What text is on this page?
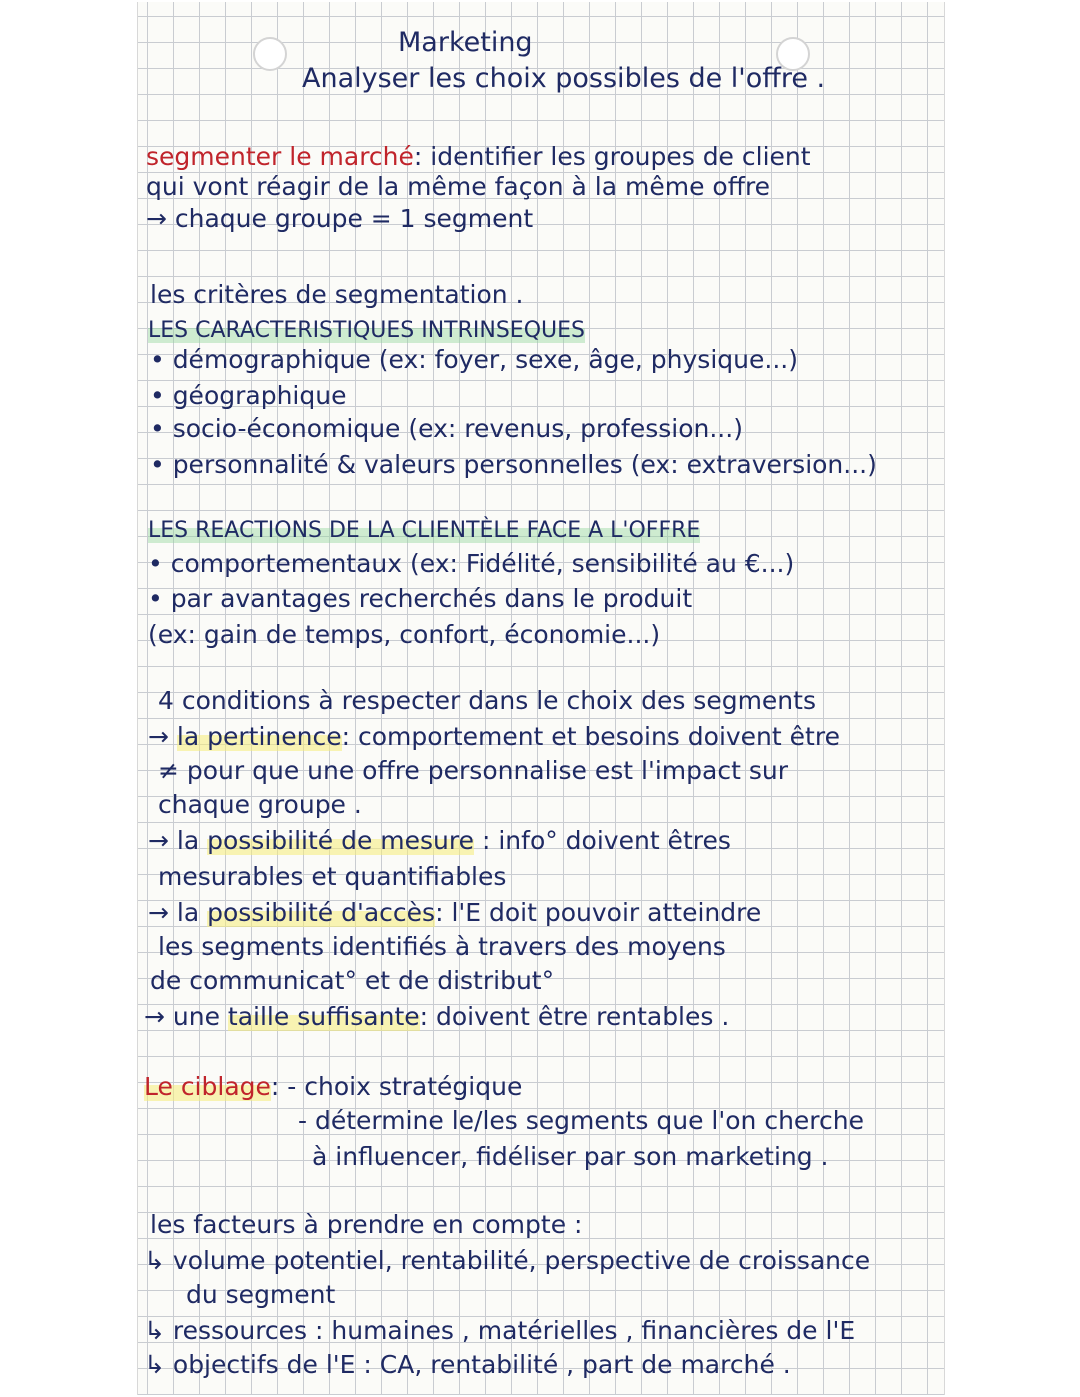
Marketing
Analyser les choix possibles de l'offre .
segmenter le marché: identifier les groupes de client
qui vont réagir de la même façon à la même offre
→ chaque groupe = 1 segment
les critères de segmentation .
LES CARACTERISTIQUES INTRINSEQUES
• démographique (ex: foyer, sexe, âge, physique...)
• géographique
• socio-économique (ex: revenus, profession...)
• personnalité & valeurs personnelles (ex: extraversion...)
LES REACTIONS DE LA CLIENTÈLE FACE A L'OFFRE
• comportementaux (ex: Fidélité, sensibilité au €...)
• par avantages recherchés dans le produit
(ex: gain de temps, confort, économie...)
4 conditions à respecter dans le choix des segments
→ la pertinence: comportement et besoins doivent être
≠ pour que une offre personnalise est l'impact sur
chaque groupe .
→ la possibilité de mesure : info° doivent êtres
mesurables et quantifiables
→ la possibilité d'accès: l'E doit pouvoir atteindre
les segments identifiés à travers des moyens
de communicat° et de distribut°
→ une taille suffisante: doivent être rentables .
Le ciblage: - choix stratégique
- détermine le/les segments que l'on cherche
à influencer, fidéliser par son marketing .
les facteurs à prendre en compte :
↳ volume potentiel, rentabilité, perspective de croissance
du segment
↳ ressources : humaines , matérielles , financières de l'E
↳ objectifs de l'E : CA, rentabilité , part de marché .
